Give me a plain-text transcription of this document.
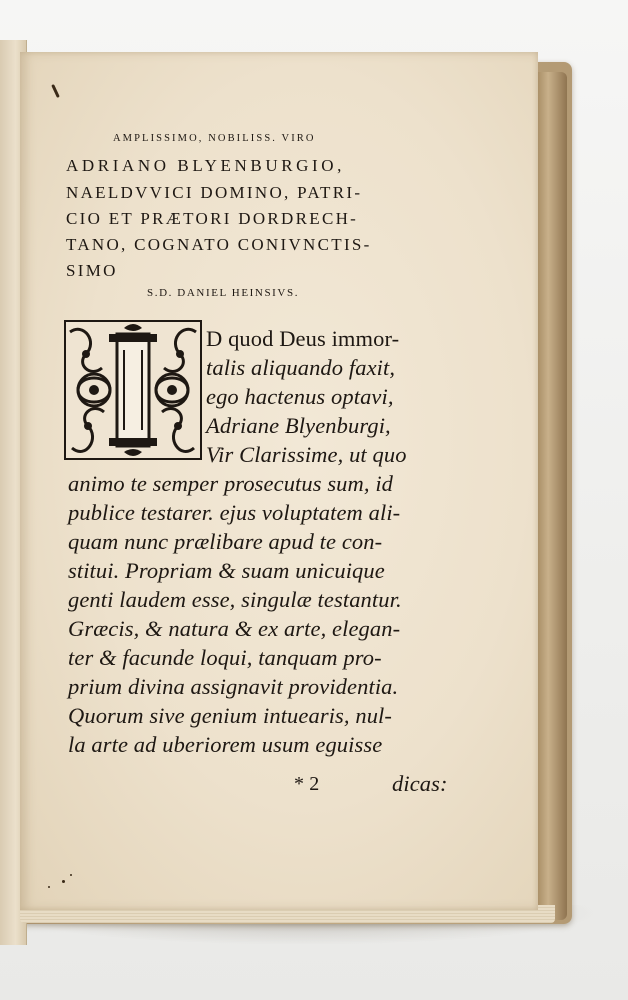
AMPLISSIMO, NOBILISS. VIRO
ADRIANO BLYENBURGIO,
NAELDVVICI DOMINO, PATRI-
CIO ET PRÆTORI DORDRECH-
TANO, COGNATO CONIVNCTIS-
SIMO
S.D. DANIEL HEINSIVS.
D quod Deus immor-
talis aliquando faxit,
ego hactenus optavi,
Adriane Blyenburgi,
Vir Clarissime, ut quo
animo te semper prosecutus sum, id
publice testarer. ejus voluptatem ali-
quam nunc prælibare apud te con-
stitui. Propriam & suam unicuique
genti laudem esse, singulæ testantur.
Græcis, & natura & ex arte, elegan-
ter & facunde loqui, tanquam pro-
prium divina assignavit providentia.
Quorum sive genium intuearis, nul-
la arte ad uberiorem usum eguisse
* 2	dicas:
